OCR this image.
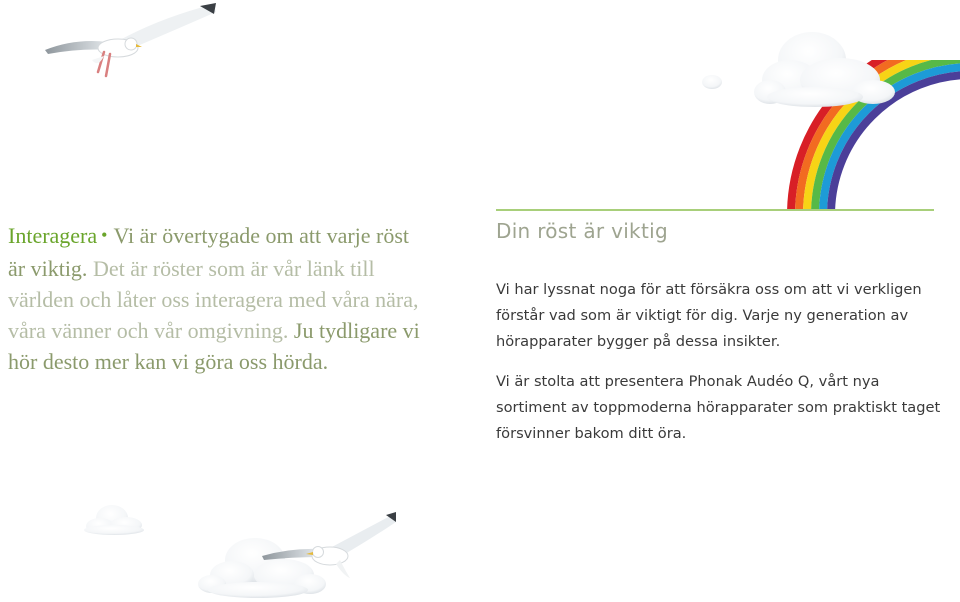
Interagera • Vi är övertygade om att varje röst är viktig. Det är röster som är vår länk till världen och låter oss interagera med våra nära, våra vänner och vår omgivning. Ju tydligare vi hör desto mer kan vi göra oss hörda.

Din röst är viktig

Vi har lyssnat noga för att försäkra oss om att vi verkligen förstår vad som är viktigt för dig. Varje ny generation av hörapparater bygger på dessa insikter.

Vi är stolta att presentera Phonak Audéo Q, vårt nya sortiment av toppmoderna hörapparater som praktiskt taget försvinner bakom ditt öra.
